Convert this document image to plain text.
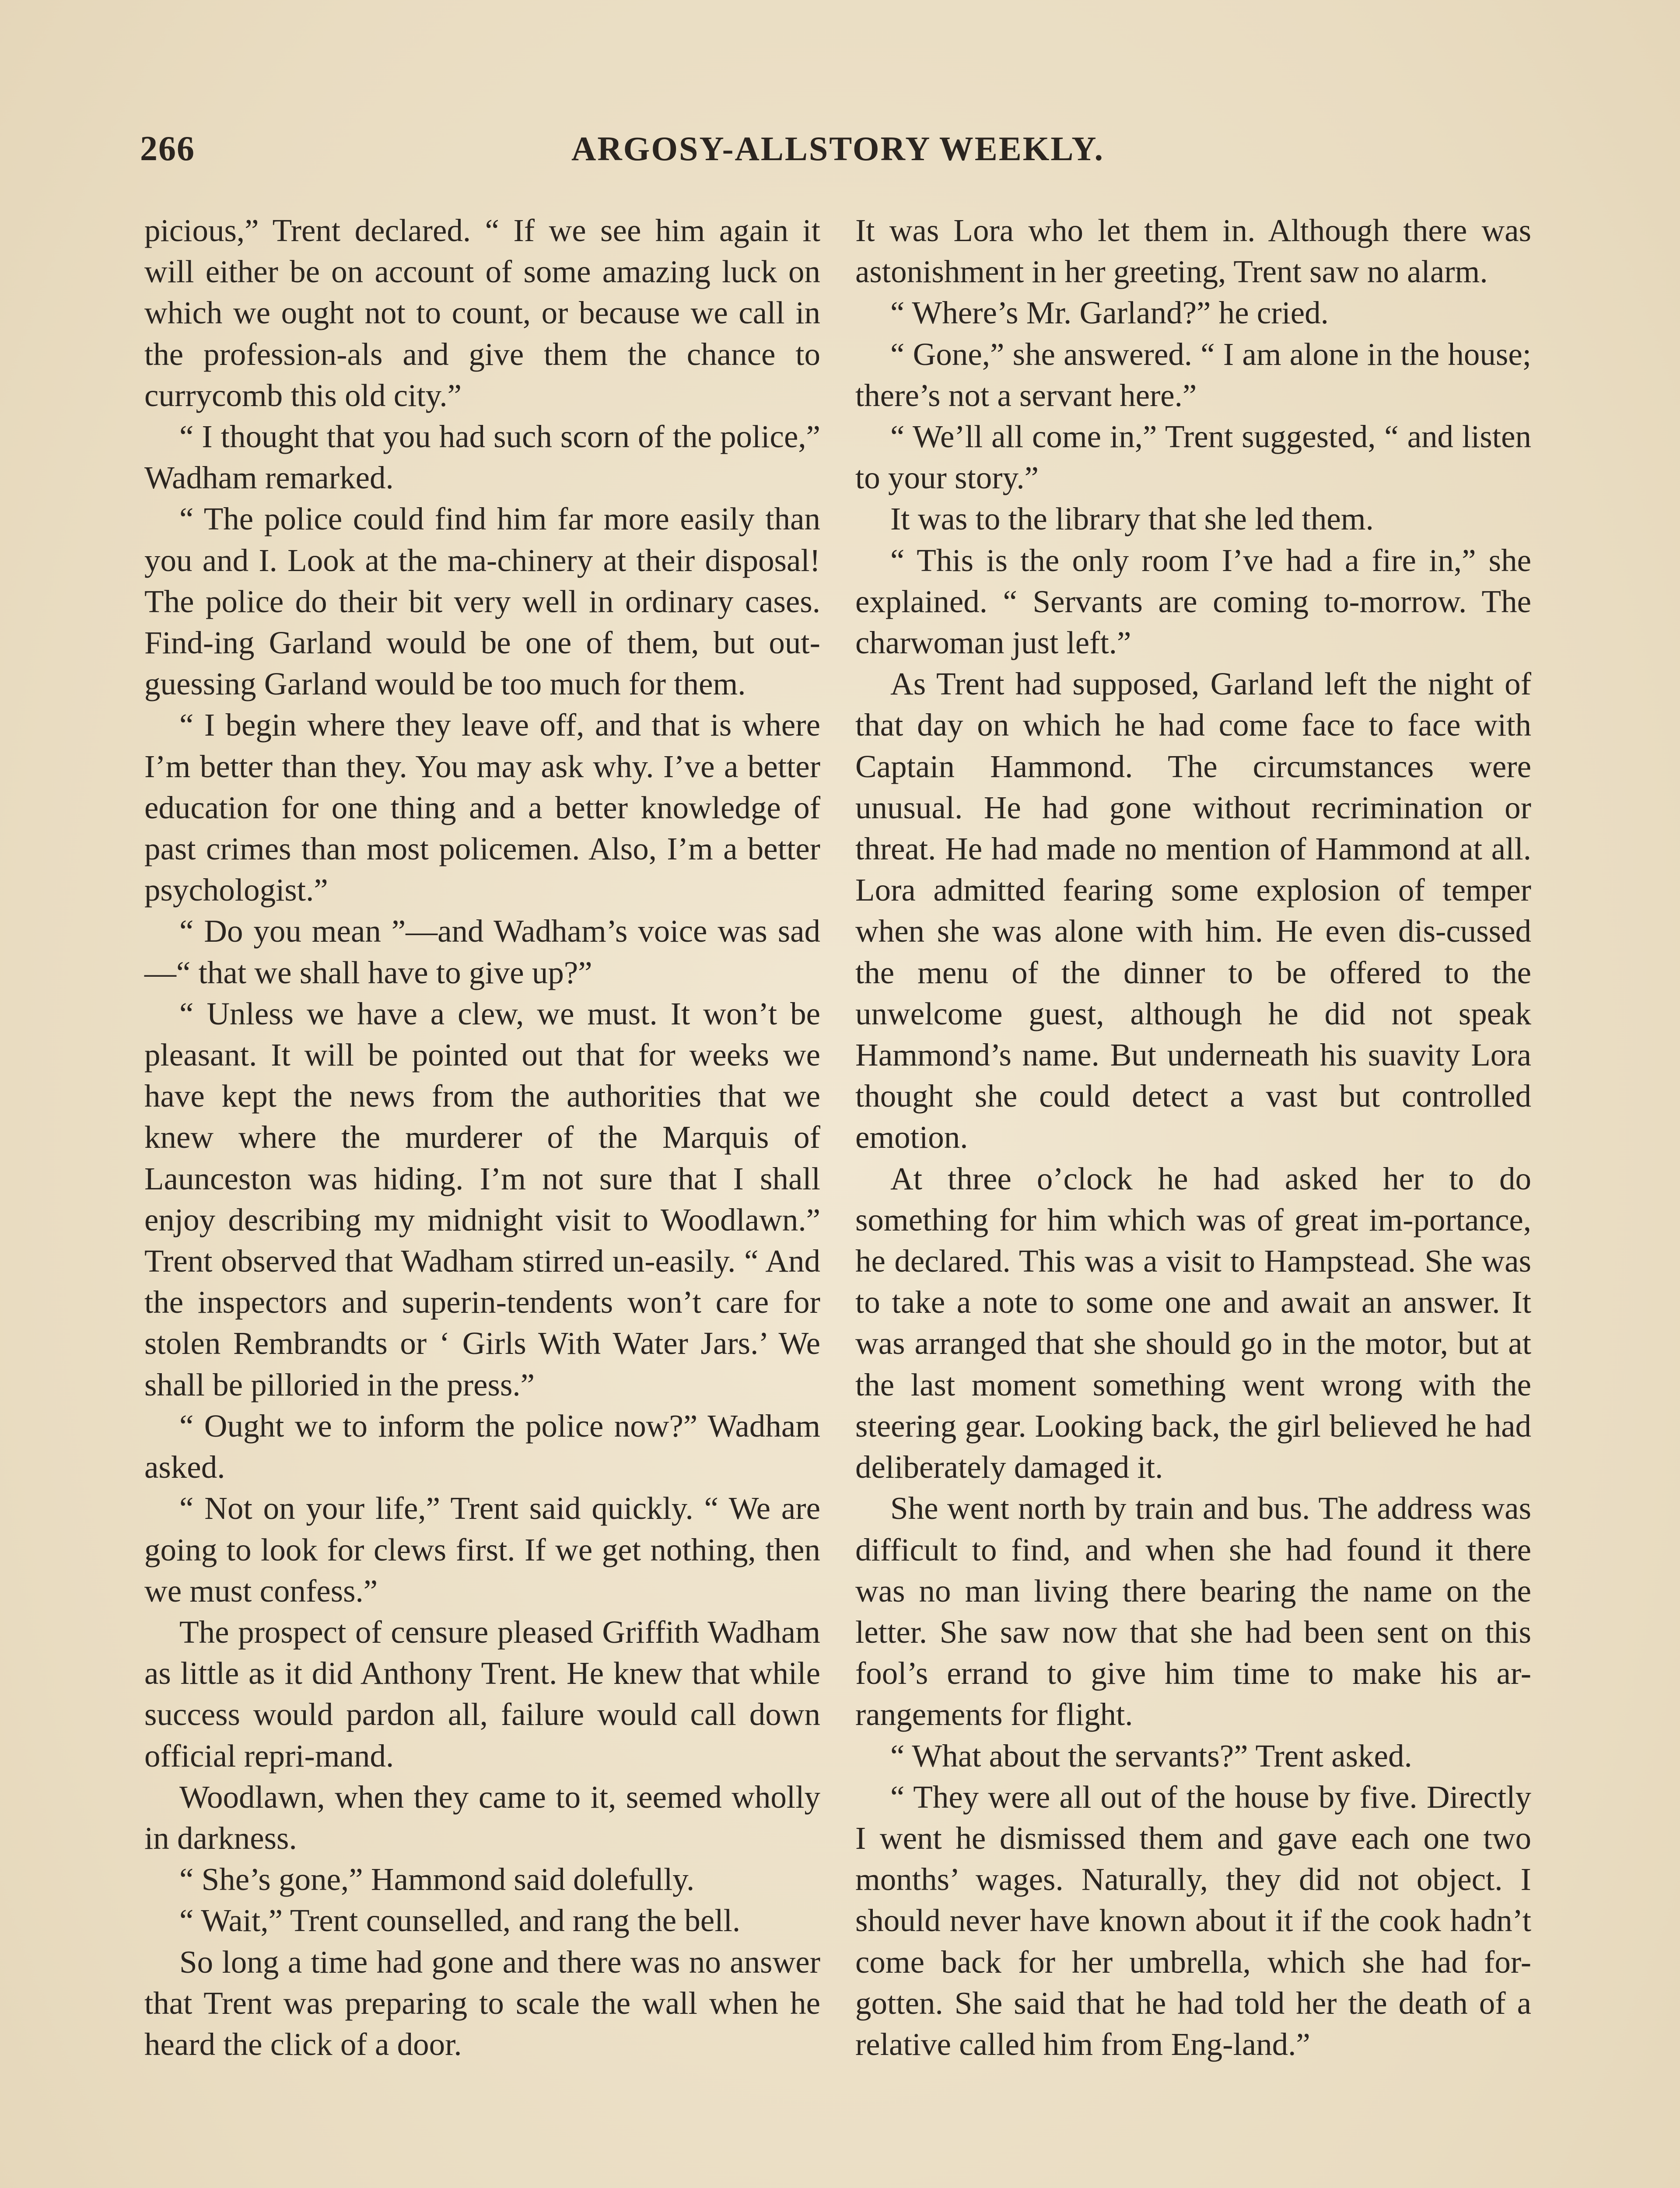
266	ARGOSY-ALLSTORY WEEKLY.

picious,” Trent declared. “ If we see him again it will either be on account of some amazing luck on which we ought not to count, or because we call in the profession-als and give them the chance to currycomb this old city.”

“ I thought that you had such scorn of the police,” Wadham remarked.

“ The police could find him far more easily than you and I. Look at the ma-chinery at their disposal! The police do their bit very well in ordinary cases. Find-ing Garland would be one of them, but out-guessing Garland would be too much for them.

“ I begin where they leave off, and that is where I’m better than they. You may ask why. I’ve a better education for one thing and a better knowledge of past crimes than most policemen. Also, I’m a better psychologist.”

“ Do you mean ”—and Wadham’s voice was sad—“ that we shall have to give up?”

“ Unless we have a clew, we must. It won’t be pleasant. It will be pointed out that for weeks we have kept the news from the authorities that we knew where the murderer of the Marquis of Launceston was hiding. I’m not sure that I shall enjoy describing my midnight visit to Woodlawn.” Trent observed that Wadham stirred un-easily. “ And the inspectors and superin-tendents won’t care for stolen Rembrandts or ‘ Girls With Water Jars.’ We shall be pilloried in the press.”

“ Ought we to inform the police now?” Wadham asked.

“ Not on your life,” Trent said quickly. “ We are going to look for clews first. If we get nothing, then we must confess.”

The prospect of censure pleased Griffith Wadham as little as it did Anthony Trent. He knew that while success would pardon all, failure would call down official repri-mand.

Woodlawn, when they came to it, seemed wholly in darkness.

“ She’s gone,” Hammond said dolefully.

“ Wait,” Trent counselled, and rang the bell.

So long a time had gone and there was no answer that Trent was preparing to scale the wall when he heard the click of a door.

It was Lora who let them in. Although there was astonishment in her greeting, Trent saw no alarm.

“ Where’s Mr. Garland?” he cried.

“ Gone,” she answered. “ I am alone in the house; there’s not a servant here.”

“ We’ll all come in,” Trent suggested, “ and listen to your story.”

It was to the library that she led them.

“ This is the only room I’ve had a fire in,” she explained. “ Servants are coming to-morrow. The charwoman just left.”

As Trent had supposed, Garland left the night of that day on which he had come face to face with Captain Hammond. The circumstances were unusual. He had gone without recrimination or threat. He had made no mention of Hammond at all. Lora admitted fearing some explosion of temper when she was alone with him. He even dis-cussed the menu of the dinner to be offered to the unwelcome guest, although he did not speak Hammond’s name. But underneath his suavity Lora thought she could detect a vast but controlled emotion.

At three o’clock he had asked her to do something for him which was of great im-portance, he declared. This was a visit to Hampstead. She was to take a note to some one and await an answer. It was arranged that she should go in the motor, but at the last moment something went wrong with the steering gear. Looking back, the girl believed he had deliberately damaged it.

She went north by train and bus. The address was difficult to find, and when she had found it there was no man living there bearing the name on the letter. She saw now that she had been sent on this fool’s errand to give him time to make his ar-rangements for flight.

“ What about the servants?” Trent asked.

“ They were all out of the house by five. Directly I went he dismissed them and gave each one two months’ wages. Naturally, they did not object. I should never have known about it if the cook hadn’t come back for her umbrella, which she had for-gotten. She said that he had told her the death of a relative called him from Eng-land.”
